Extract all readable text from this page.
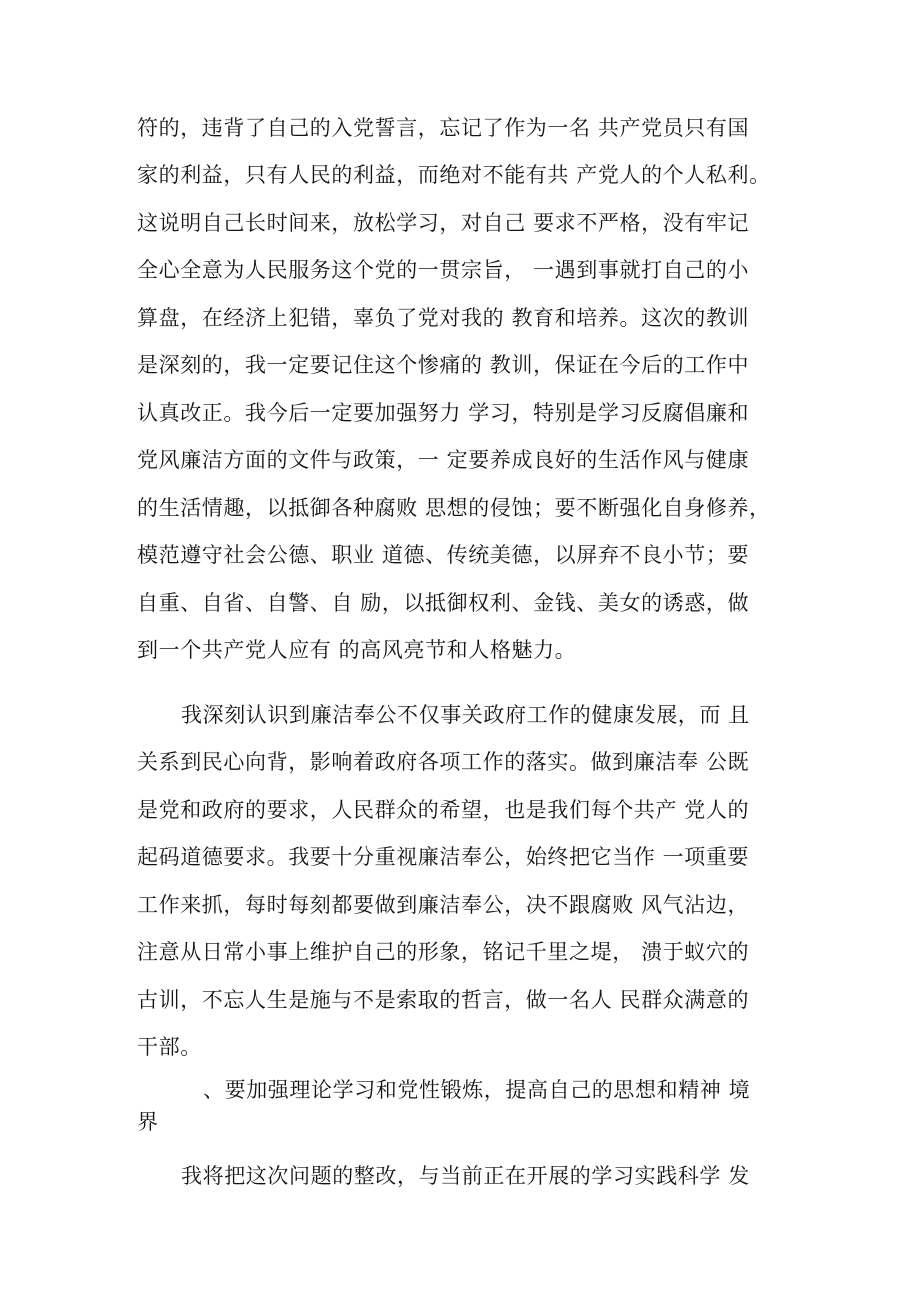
符的，违背了自己的入党誓言，忘记了作为一名 共产党员只有国
家的利益，只有人民的利益，而绝对不能有共 产党人的个人私利。
这说明自己长时间来，放松学习，对自己 要求不严格，没有牢记
全心全意为人民服务这个党的一贯宗旨， 一遇到事就打自己的小
算盘，在经济上犯错，辜负了党对我的 教育和培养。这次的教训
是深刻的，我一定要记住这个惨痛的 教训，保证在今后的工作中
认真改正。我今后一定要加强努力 学习，特别是学习反腐倡廉和
党风廉洁方面的文件与政策，一 定要养成良好的生活作风与健康
的生活情趣，以抵御各种腐败 思想的侵蚀；要不断强化自身修养，
模范遵守社会公德、职业 道德、传统美德，以屏弃不良小节；要
自重、自省、自警、自 励，以抵御权利、金钱、美女的诱惑，做
到一个共产党人应有 的高风亮节和人格魅力。
我深刻认识到廉洁奉公不仅事关政府工作的健康发展，而 且
关系到民心向背，影响着政府各项工作的落实。做到廉洁奉 公既
是党和政府的要求，人民群众的希望，也是我们每个共产 党人的
起码道德要求。我要十分重视廉洁奉公，始终把它当作 一项重要
工作来抓，每时每刻都要做到廉洁奉公，决不跟腐败 风气沾边，
注意从日常小事上维护自己的形象，铭记千里之堤， 溃于蚁穴的
古训，不忘人生是施与不是索取的哲言，做一名人 民群众满意的
干部。
、要加强理论学习和党性锻炼，提高自己的思想和精神 境
界
我将把这次问题的整改，与当前正在开展的学习实践科学 发
